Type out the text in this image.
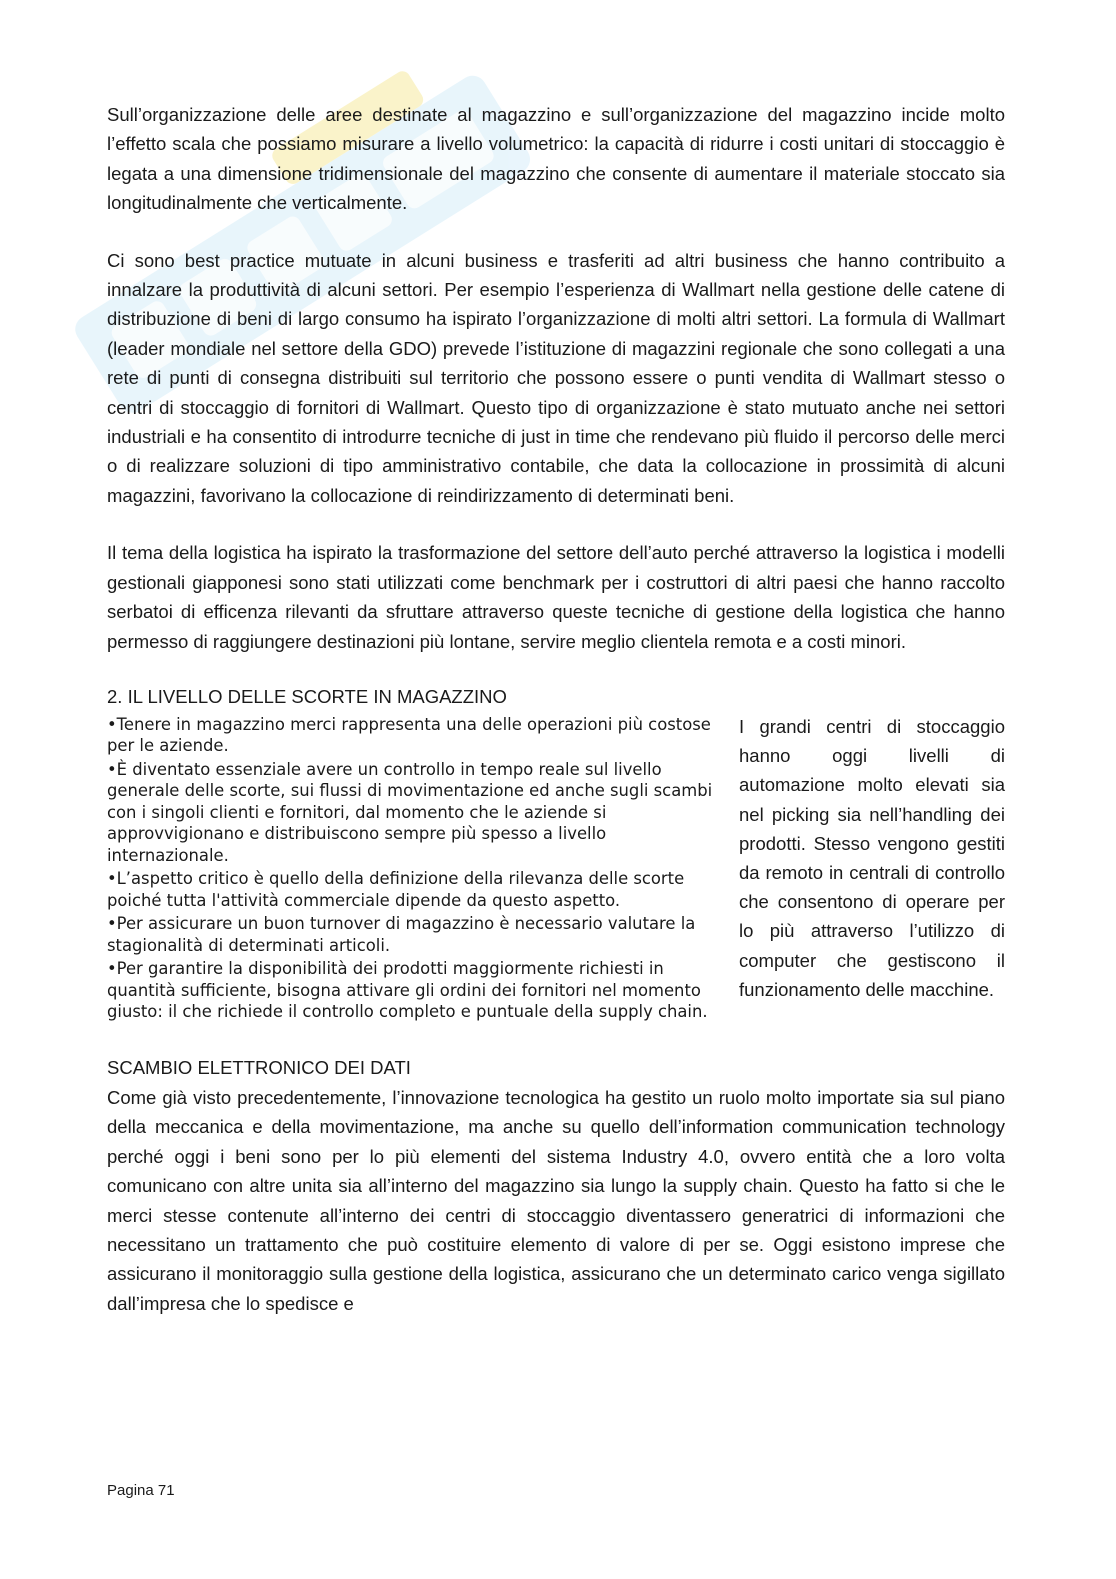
Sull’organizzazione delle aree destinate al magazzino e sull’organizzazione del magazzino incide molto l’effetto scala che possiamo misurare a livello volumetrico: la capacità di ridurre i costi unitari di stoccaggio è legata a una dimensione tridimensionale del magazzino che consente di aumentare il materiale stoccato sia longitudinalmente che verticalmente.

Ci sono best practice mutuate in alcuni business e trasferiti ad altri business che hanno contribuito a innalzare la produttività di alcuni settori. Per esempio l’esperienza di Wallmart nella gestione delle catene di distribuzione di beni di largo consumo ha ispirato l’organizzazione di molti altri settori. La formula di Wallmart (leader mondiale nel settore della GDO) prevede l’istituzione di magazzini regionale che sono collegati a una rete di punti di consegna distribuiti sul territorio che possono essere o punti vendita di Wallmart stesso o centri di stoccaggio di fornitori di Wallmart. Questo tipo di organizzazione è stato mutuato anche nei settori industriali e ha consentito di introdurre tecniche di just in time che rendevano più fluido il percorso delle merci o di realizzare soluzioni di tipo amministrativo contabile, che data la collocazione in prossimità di alcuni magazzini, favorivano la collocazione di reindirizzamento di determinati beni.

Il tema della logistica ha ispirato la trasformazione del settore dell’auto perché attraverso la logistica i modelli gestionali giapponesi sono stati utilizzati come benchmark per i costruttori di altri paesi che hanno raccolto serbatoi di efficenza rilevanti da sfruttare attraverso queste tecniche di gestione della logistica che hanno permesso di raggiungere destinazioni più lontane, servire meglio clientela remota e a costi minori.

2. IL LIVELLO DELLE SCORTE IN MAGAZZINO
•Tenere in magazzino merci rappresenta una delle operazioni più costose per le aziende.
•È diventato essenziale avere un controllo in tempo reale sul livello generale delle scorte, sui flussi di movimentazione ed anche sugli scambi con i singoli clienti e fornitori, dal momento che le aziende si approvvigionano e distribuiscono sempre più spesso a livello internazionale.
•L’aspetto critico è quello della definizione della rilevanza delle scorte poiché tutta l'attività commerciale dipende da questo aspetto.
•Per assicurare un buon turnover di magazzino è necessario valutare la stagionalità di determinati articoli.
•Per garantire la disponibilità dei prodotti maggiormente richiesti in quantità sufficiente, bisogna attivare gli ordini dei fornitori nel momento giusto: il che richiede il controllo completo e puntuale della supply chain.

I grandi centri di stoccaggio hanno oggi livelli di automazione molto elevati sia nel picking sia nell’handling dei prodotti. Stesso vengono gestiti da remoto in centrali di controllo che consentono di operare per lo più attraverso l’utilizzo di computer che gestiscono il funzionamento delle macchine.

SCAMBIO ELETTRONICO DEI DATI

Come già visto precedentemente, l’innovazione tecnologica ha gestito un ruolo molto importate sia sul piano della meccanica e della movimentazione, ma anche su quello dell’information communication technology perché oggi i beni sono per lo più elementi del sistema Industry 4.0, ovvero entità che a loro volta comunicano con altre unita sia all’interno del magazzino sia lungo la supply chain. Questo ha fatto si che le merci stesse contenute all’interno dei centri di stoccaggio diventassero generatrici di informazioni che necessitano un trattamento che può costituire elemento di valore di per se. Oggi esistono imprese che assicurano il monitoraggio sulla gestione della logistica, assicurano che un determinato carico venga sigillato dall’impresa che lo spedisce e

Pagina 71
